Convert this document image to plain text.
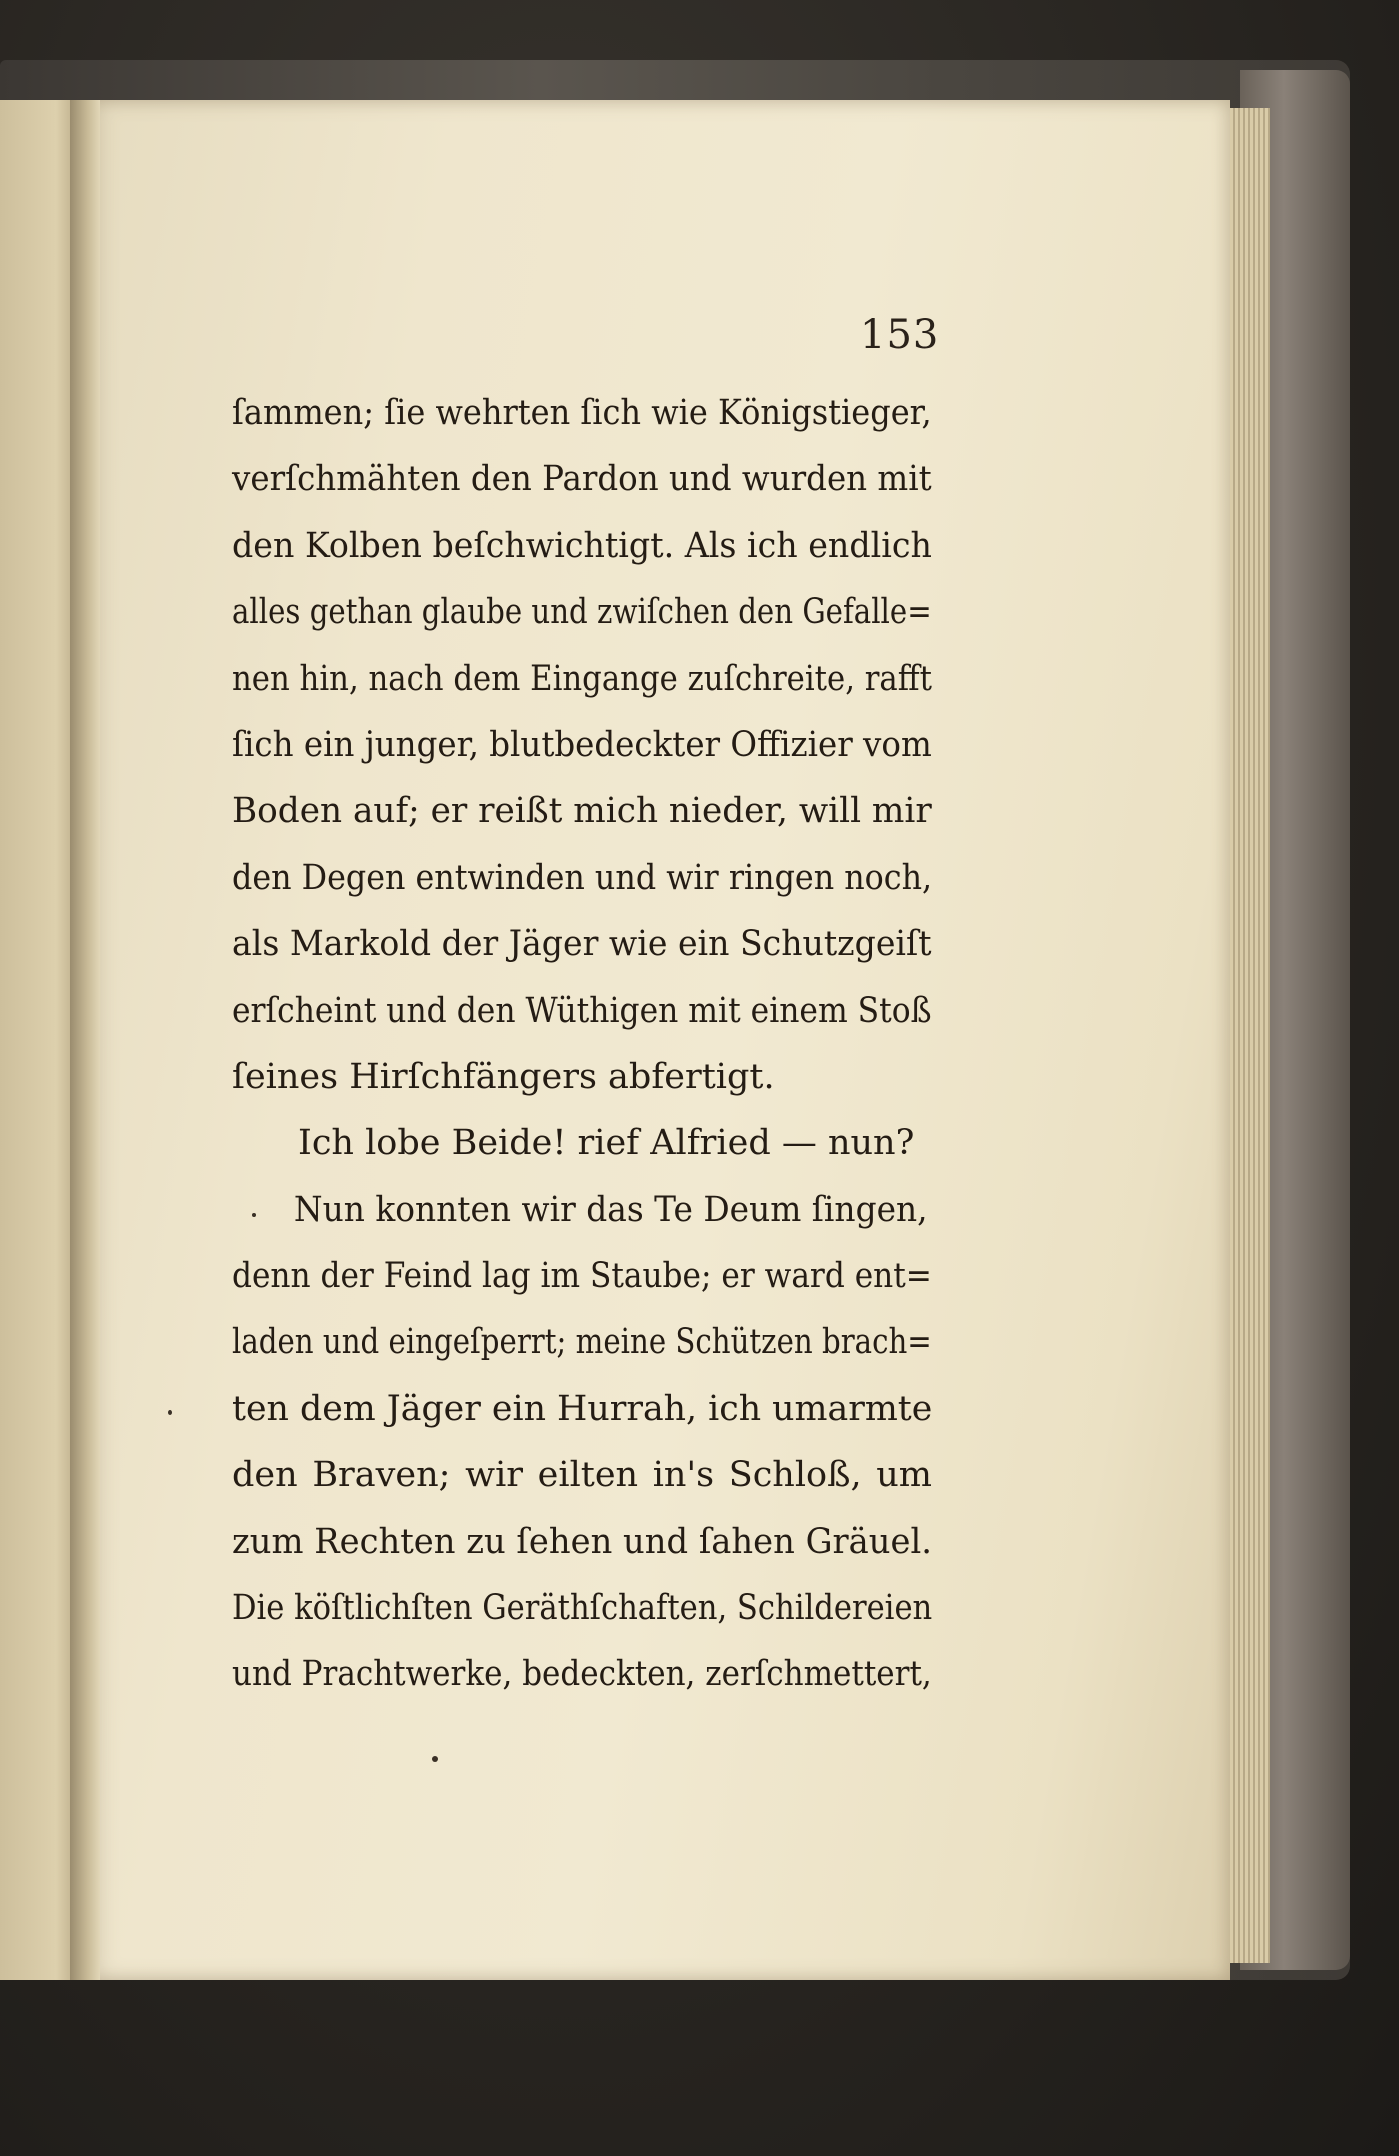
153
ſammen; ſie wehrten ſich wie Königstieger,
verſchmähten den Pardon und wurden mit
den Kolben beſchwichtigt. Als ich endlich
alles gethan glaube und zwiſchen den Gefalle=
nen hin, nach dem Eingange zuſchreite, rafft
ſich ein junger, blutbedeckter Offizier vom
Boden auf; er reißt mich nieder, will mir
den Degen entwinden und wir ringen noch,
als Markold der Jäger wie ein Schutzgeiſt
erſcheint und den Wüthigen mit einem Stoß
ſeines Hirſchfängers abfertigt.
Ich lobe Beide! rief Alfried — nun?
Nun konnten wir das Te Deum ſingen,
denn der Feind lag im Staube; er ward ent=
laden und eingeſperrt; meine Schützen brach=
ten dem Jäger ein Hurrah, ich umarmte
den Braven; wir eilten in's Schloß, um
zum Rechten zu ſehen und ſahen Gräuel.
Die köſtlichſten Geräthſchaften, Schildereien
und Prachtwerke, bedeckten, zerſchmettert,
